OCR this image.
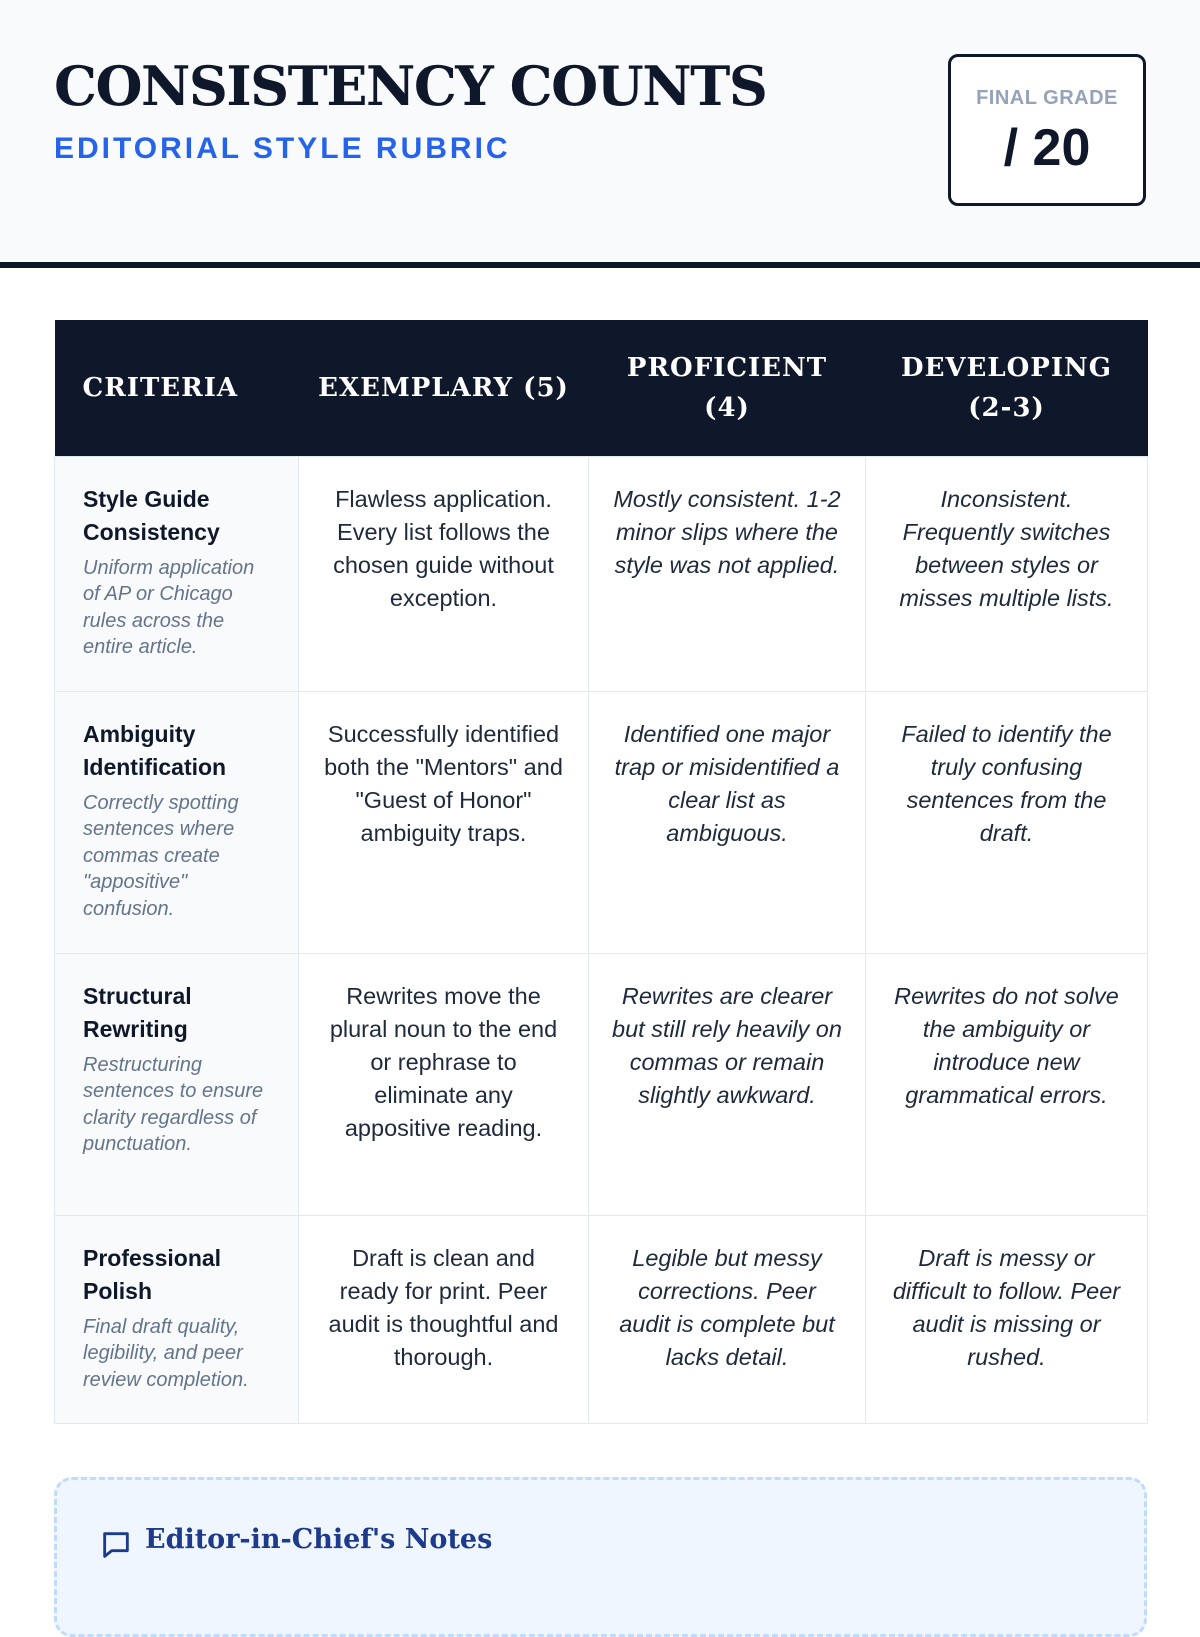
CONSISTENCY COUNTS
EDITORIAL STYLE RUBRIC
FINAL GRADE
/ 20
CRITERIA	EXEMPLARY (5)	PROFICIENT (4)	DEVELOPING (2-3)

Style Guide Consistency
Uniform application of AP or Chicago rules across the entire article.	Flawless application. Every list follows the chosen guide without exception.	Mostly consistent. 1-2 minor slips where the style was not applied.	Inconsistent. Frequently switches between styles or misses multiple lists.

Ambiguity Identification
Correctly spotting sentences where commas create "appositive" confusion.	Successfully identified both the "Mentors" and "Guest of Honor" ambiguity traps.	Identified one major trap or misidentified a clear list as ambiguous.	Failed to identify the truly confusing sentences from the draft.

Structural Rewriting
Restructuring sentences to ensure clarity regardless of punctuation.	Rewrites move the plural noun to the end or rephrase to eliminate any appositive reading.	Rewrites are clearer but still rely heavily on commas or remain slightly awkward.	Rewrites do not solve the ambiguity or introduce new grammatical errors.

Professional Polish
Final draft quality, legibility, and peer review completion.	Draft is clean and ready for print. Peer audit is thoughtful and thorough.	Legible but messy corrections. Peer audit is complete but lacks detail.	Draft is messy or difficult to follow. Peer audit is missing or rushed.
Editor-in-Chief's Notes
